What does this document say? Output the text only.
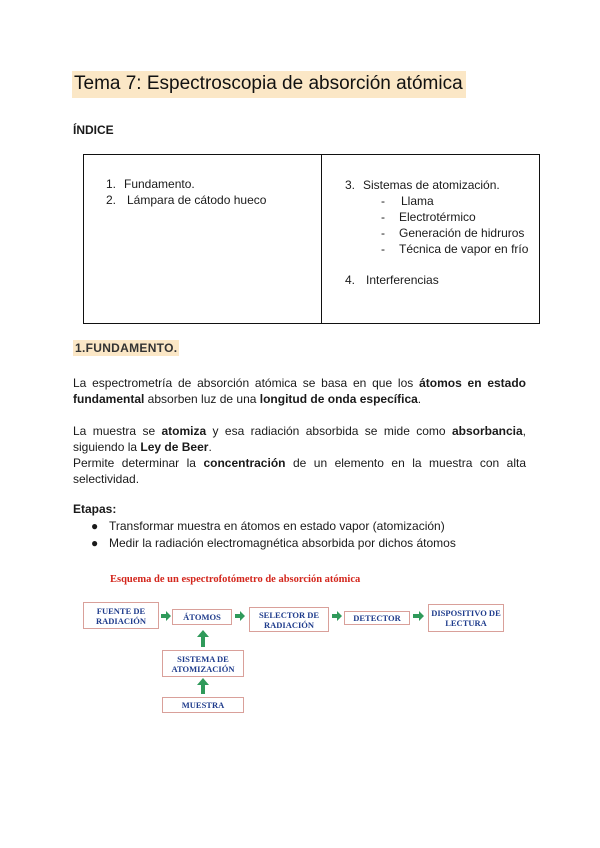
Tema 7: Espectroscopia de absorción atómica
ÍNDICE
1. Fundamento.
2. Lámpara de cátodo hueco
3. Sistemas de atomización.
- Llama
- Electrotérmico
- Generación de hidruros
- Técnica de vapor en frío
4. Interferencias
1.FUNDAMENTO.
La espectrometría de absorción atómica se basa en que los átomos en estado fundamental absorben luz de una longitud de onda específica.
La muestra se atomiza y esa radiación absorbida se mide como absorbancia, siguiendo la Ley de Beer.
Permite determinar la concentración de un elemento en la muestra con alta selectividad.
Etapas:
● Transformar muestra en átomos en estado vapor (atomización)
● Medir la radiación electromagnética absorbida por dichos átomos
Esquema de un espectrofotómetro de absorción atómica
FUENTE DE RADIACIÓN	ÁTOMOS	SELECTOR DE RADIACIÓN
DETECTOR	DISPOSITIVO DE LECTURA
SISTEMA DE ATOMIZACIÓN
MUESTRA
